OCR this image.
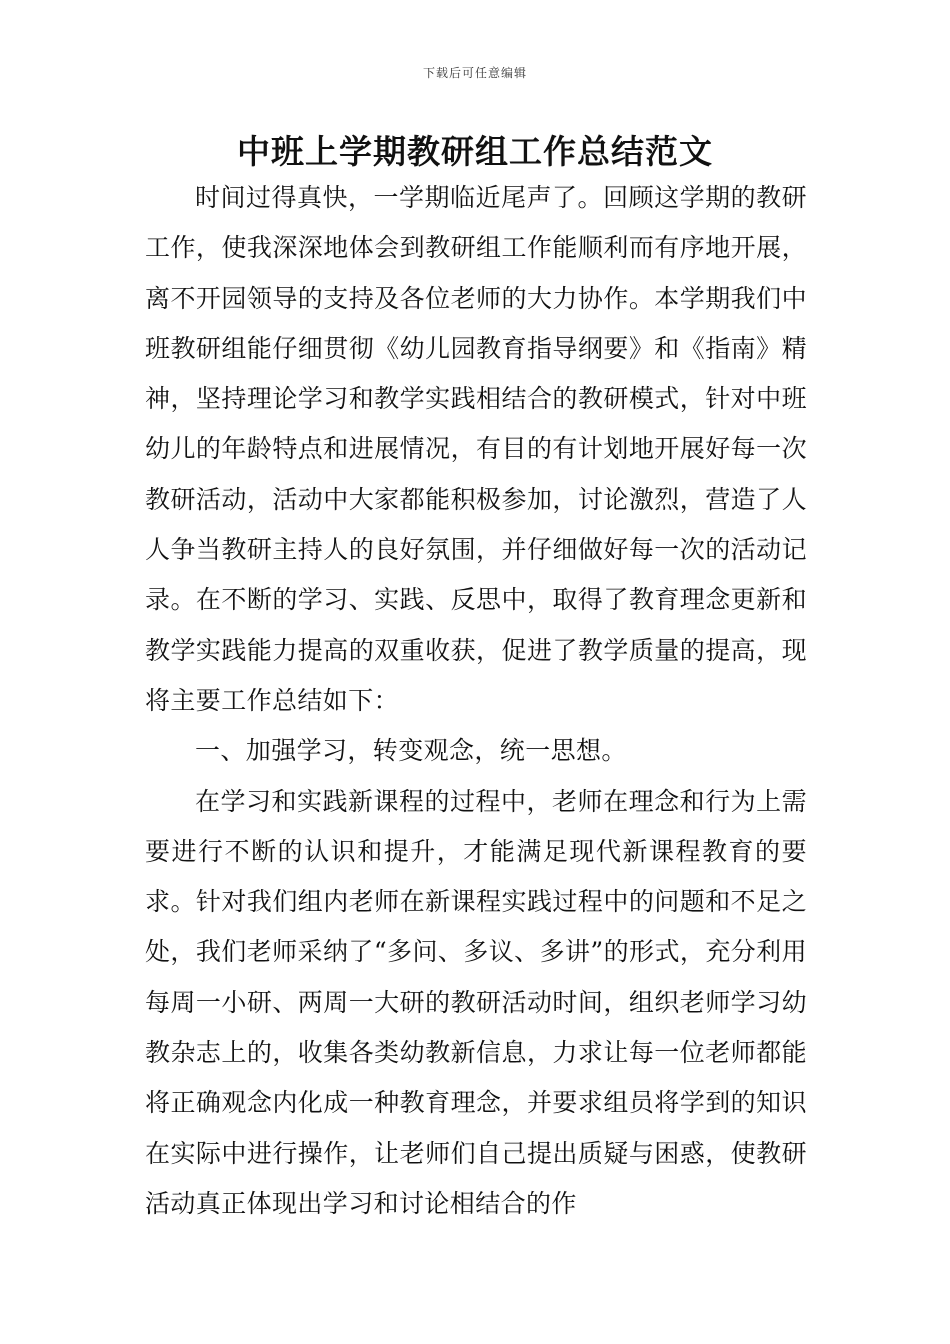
下载后可任意编辑
中班上学期教研组工作总结范文

时间过得真快，一学期临近尾声了。回顾这学期的教研工作，使我深深地体会到教研组工作能顺利而有序地开展，离不开园领导的支持及各位老师的大力协作。本学期我们中班教研组能仔细贯彻《幼儿园教育指导纲要》和《指南》精神，坚持理论学习和教学实践相结合的教研模式，针对中班幼儿的年龄特点和进展情况，有目的有计划地开展好每一次教研活动，活动中大家都能积极参加，讨论激烈，营造了人人争当教研主持人的良好氛围，并仔细做好每一次的活动记录。在不断的学习、实践、反思中，取得了教育理念更新和教学实践能力提高的双重收获，促进了教学质量的提高，现将主要工作总结如下：

一、加强学习，转变观念，统一思想。

在学习和实践新课程的过程中，老师在理念和行为上需要进行不断的认识和提升，才能满足现代新课程教育的要求。针对我们组内老师在新课程实践过程中的问题和不足之处，我们老师采纳了“多问、多议、多讲”的形式，充分利用每周一小研、两周一大研的教研活动时间，组织老师学习幼教杂志上的，收集各类幼教新信息，力求让每一位老师都能将正确观念内化成一种教育理念，并要求组员将学到的知识在实际中进行操作，让老师们自己提出质疑与困惑，使教研活动真正体现出学习和讨论相结合的作
